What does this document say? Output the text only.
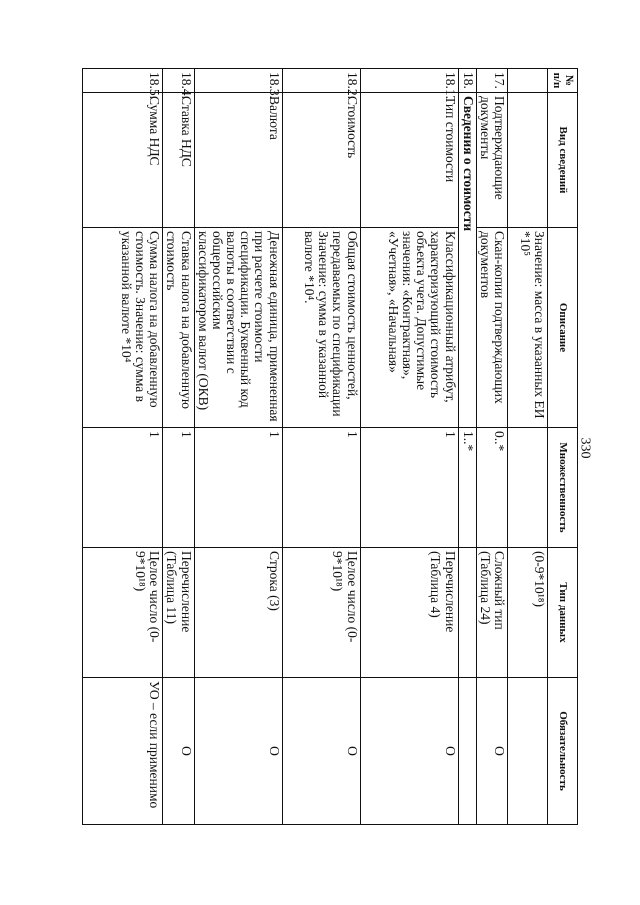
330
№ п/п	Вид сведений	Описание	Множественность	Тип данных	Обязательность
		Значение: масса в указанных ЕИ *10⁵		(0-9*10¹⁸)	
17.	Подтверждающие документы	Скан-копии подтверждающих документов	0..*	Сложный тип (Таблица 24)	О
18.	Сведения о стоимости		1..*		
18.1.	Тип стоимости	Классификационный атрибут, характеризующий стоимость объекта учета. Допустимые значения: «Контрактная», «Учетная», «Начальная»	1	Перечисление (Таблица 4)	О
18.2.	Стоимость	Общая стоимость ценностей, передаваемых по спецификации Значение: сумма в указанной валюте *10⁴.	1	Целое число (0-9*10¹⁸)	О
18.3.	Валюта	Денежная единица, примененная при расчете стоимости спецификации. Буквенный код валюты в соответствии с общероссийским классификатором валют (ОКВ)	1	Строка (3)	О
18.4.	Ставка НДС	Ставка налога на добавленную стоимость	1	Перечисление (Таблица 11)	О
18.5.	Сумма НДС	Сумма налога на добавленную стоимость. Значение: сумма в указанной валюте *10⁴	1	Целое число (0-9*10¹⁸)	УО – если применимо
